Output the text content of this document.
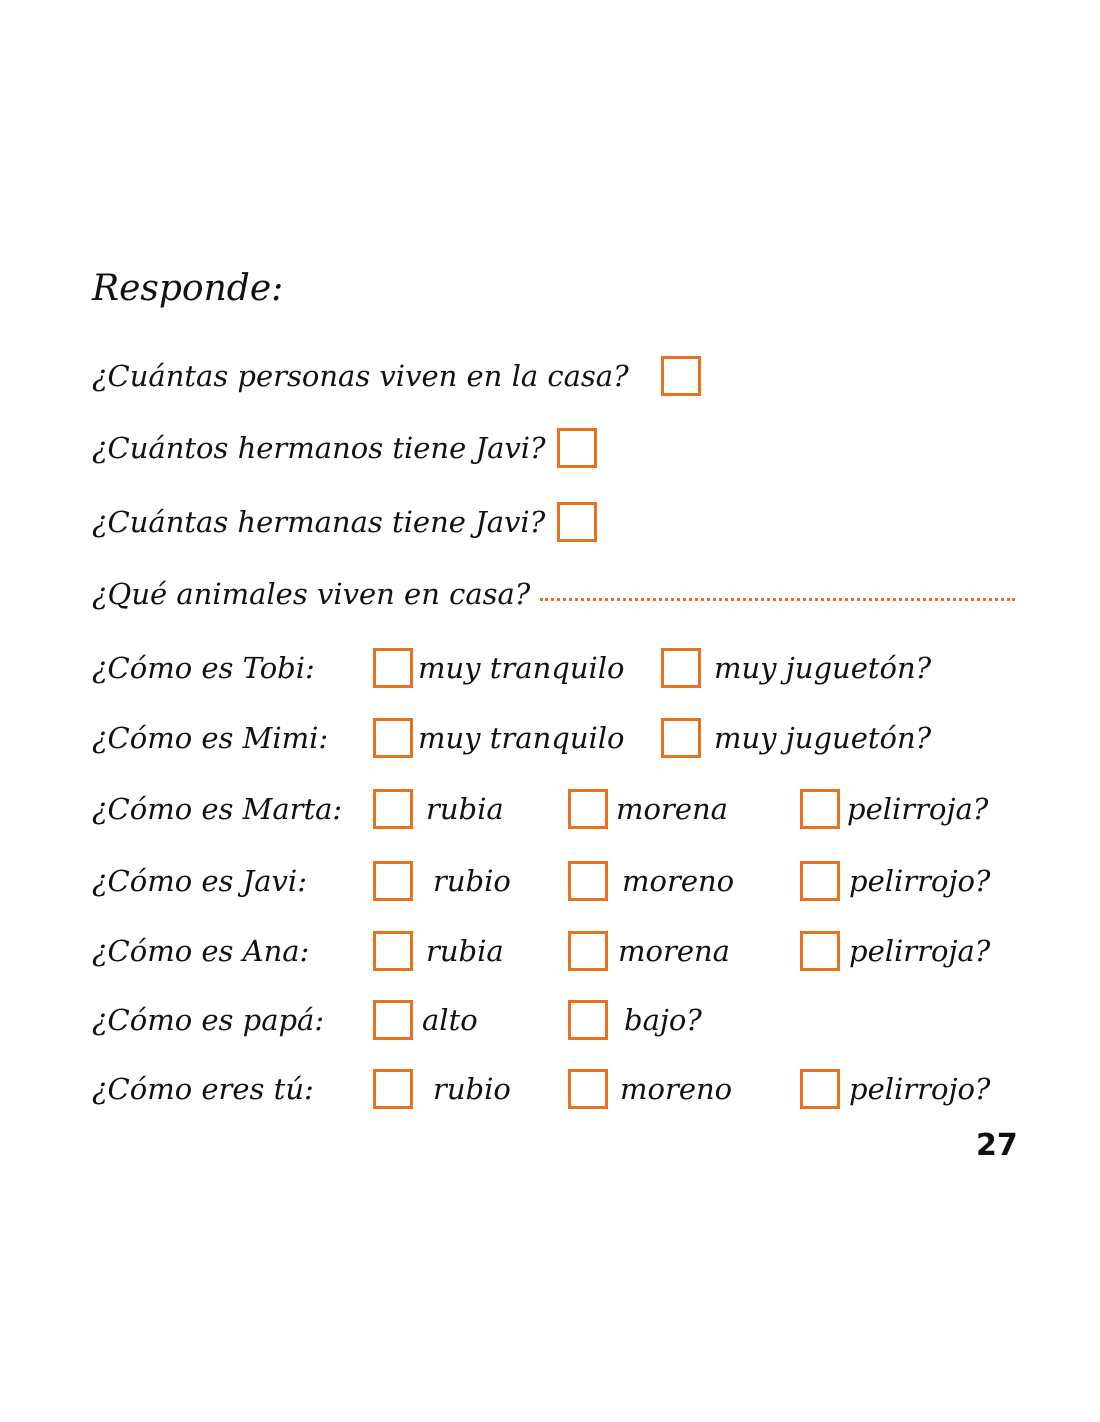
Responde:
¿Cuántas personas viven en la casa?
¿Cuántos hermanos tiene Javi?
¿Cuántas hermanas tiene Javi?
¿Qué animales viven en casa?
¿Cómo es Tobi:	muy tranquilo	muy juguetón?
¿Cómo es Mimi:	muy tranquilo	muy juguetón?
¿Cómo es Marta:	rubia	morena	pelirroja?
¿Cómo es Javi:	rubio	moreno	pelirrojo?
¿Cómo es Ana:	rubia	morena	pelirroja?
¿Cómo es papá:	alto	bajo?
¿Cómo eres tú:	rubio	moreno	pelirrojo?
27
